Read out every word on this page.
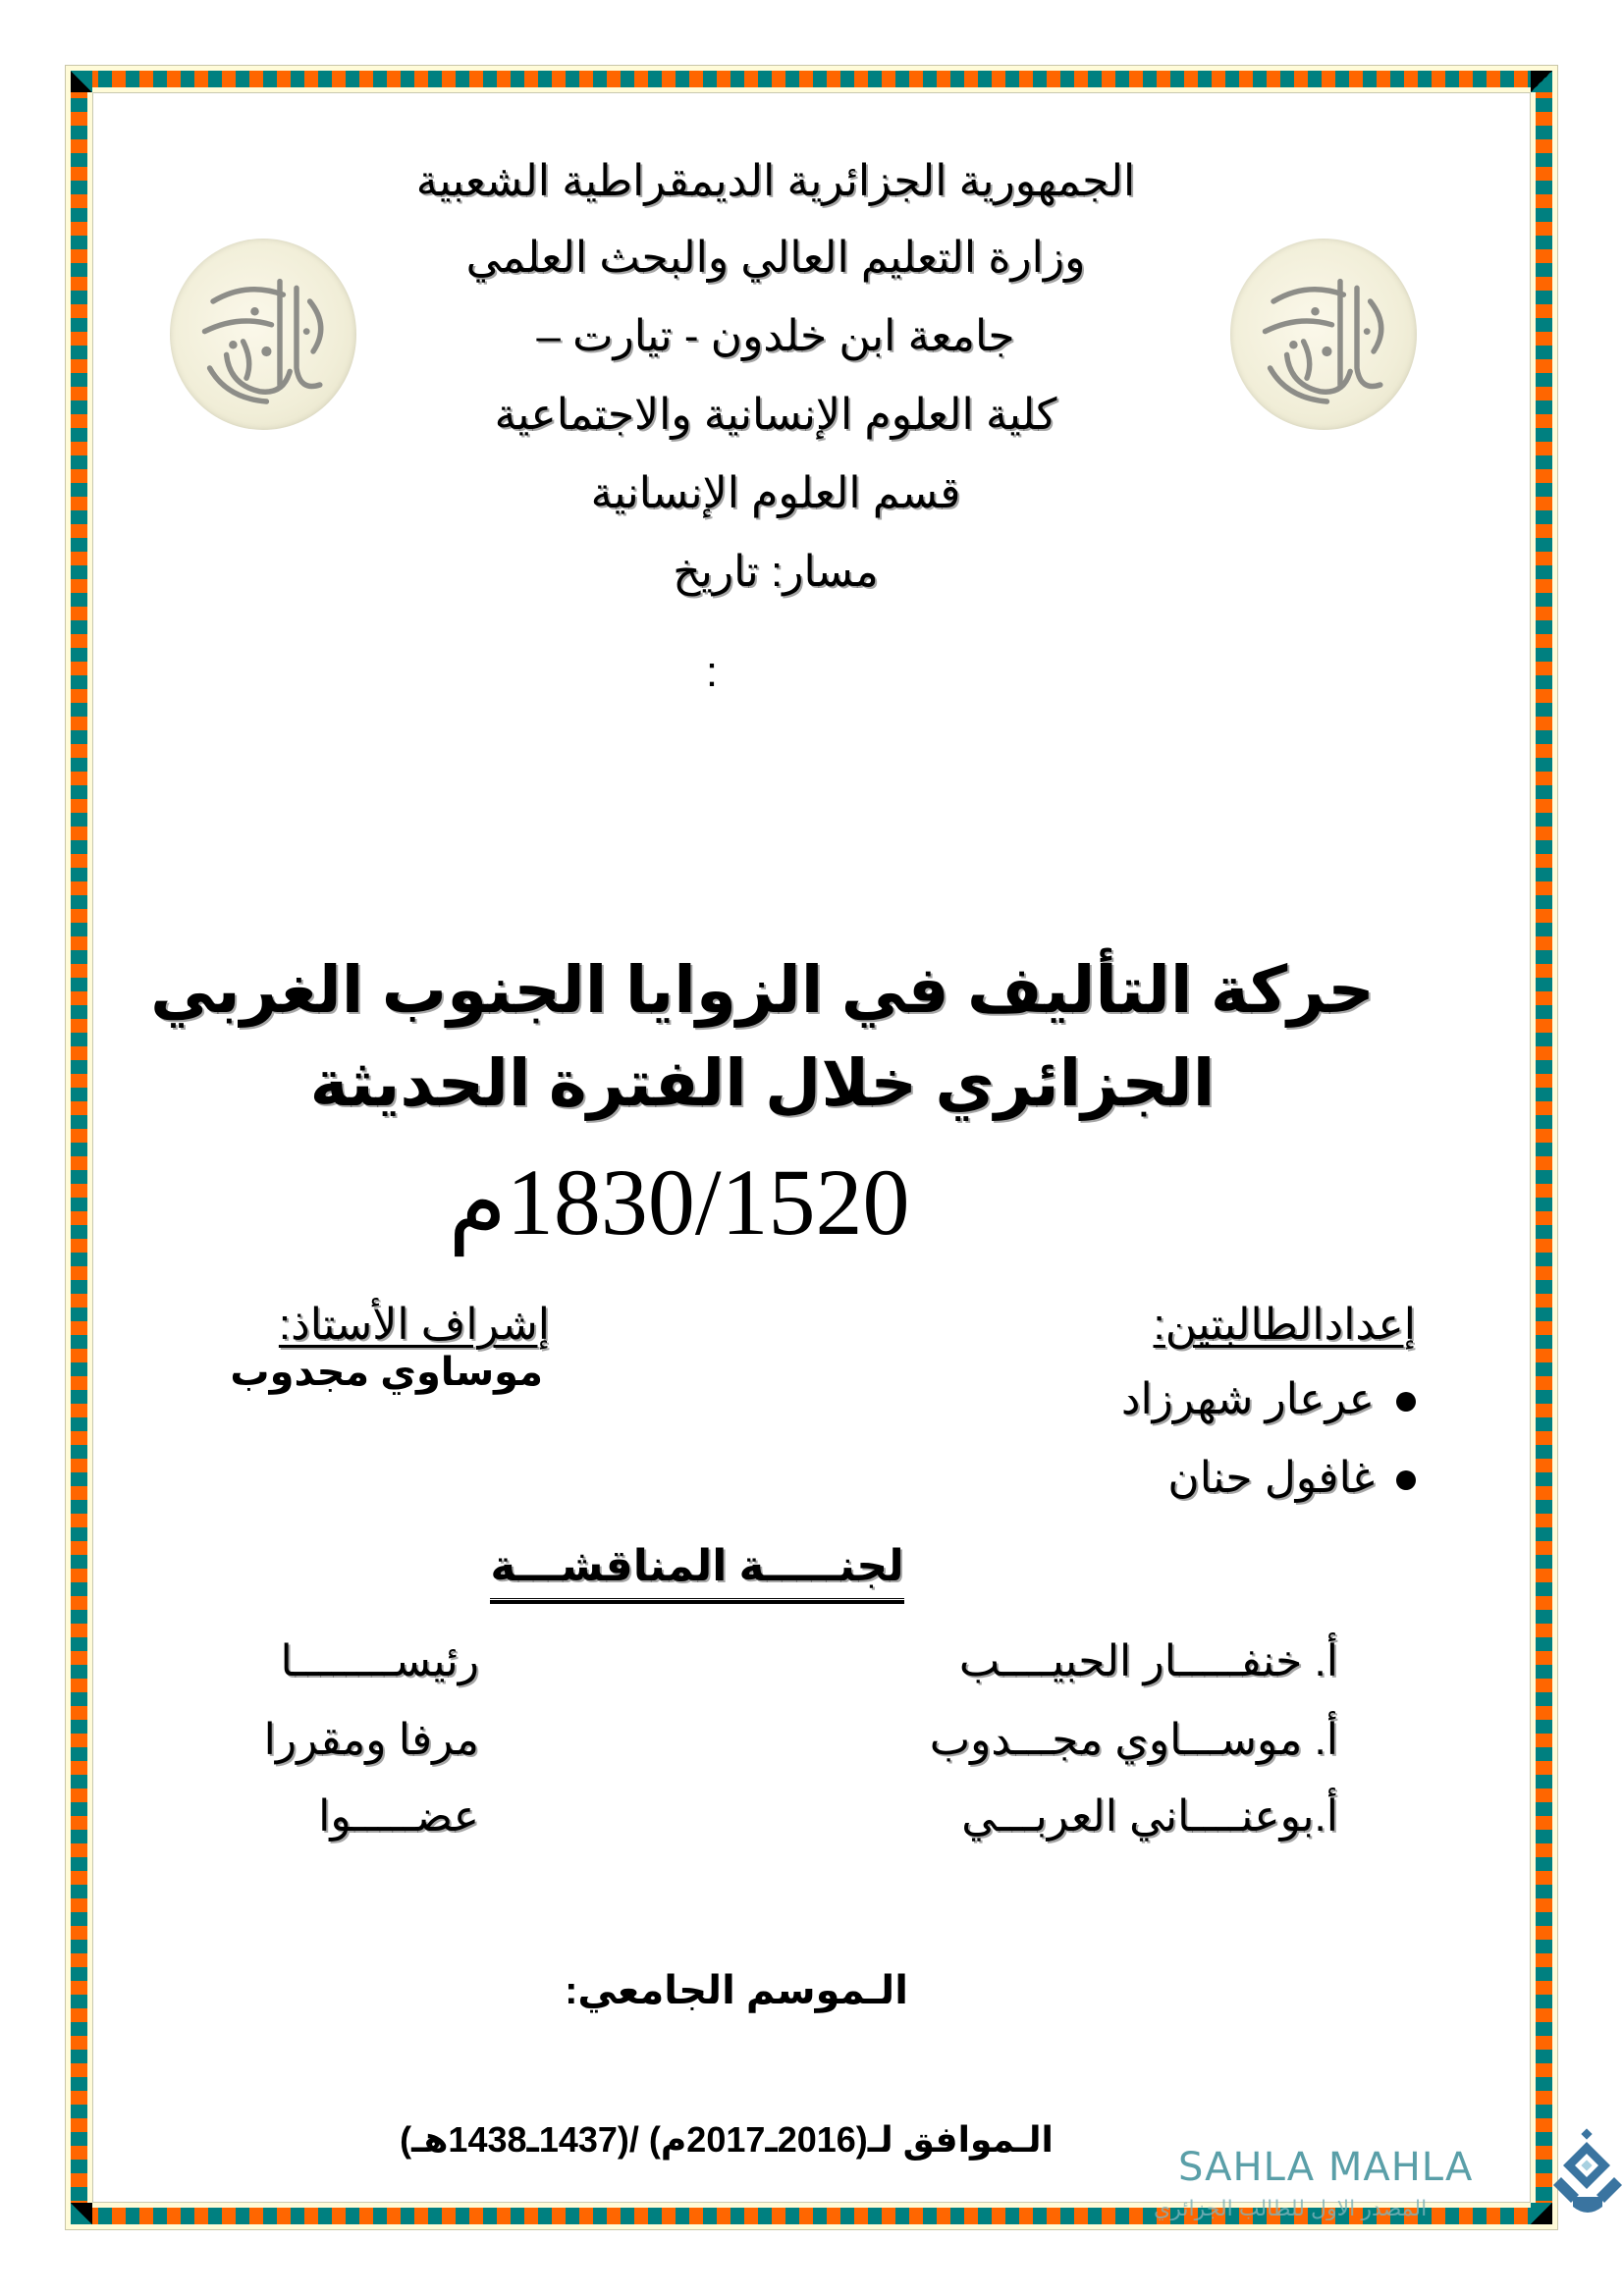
الجمهورية الجزائرية الديمقراطية الشعبية
وزارة التعليم العالي والبحث العلمي
جامعة ابن خلدون - تيارت –
كلية العلوم الإنسانية والاجتماعية
قسم العلوم الإنسانية
مسار: تاريخ
:
حركة التأليف في الزوايا الجنوب الغربي
الجزائري خلال الفترة الحديثة
1830/1520م
إعدادالطالبتين:
عرعار شهرزاد
غافول حنان
إشراف الأستاذ:
موساوي مجدوب
لجنـــــة المناقشـــة
أ. خنفـــــار الحبيــــب
رئيســــــــا
أ. موســـاوي مجـــدوب
مرفا ومقررا
أ.بوعنــــاني العربـــي
عضـــــوا
الـموسم الجامعي:
الـموافق لـ(2016ـ2017م) /(1437ـ1438هـ)
SAHLA MAHLA
المصدر الاول للطالب الجزائري
